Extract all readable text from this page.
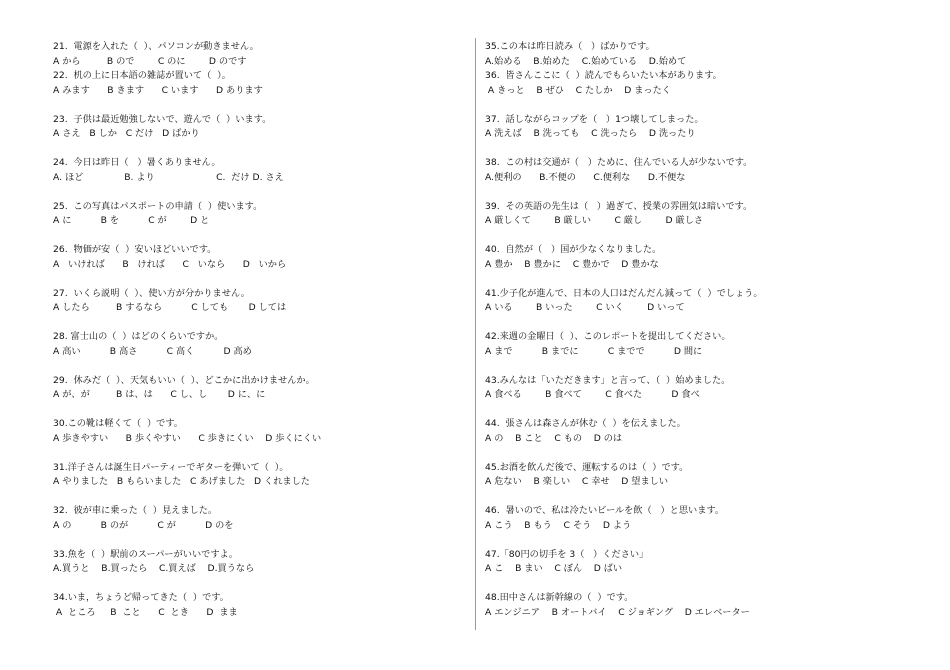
21.  電源を入れた（  ）、パソコンが動きません。
A から         B ので        C のに        D のです
22.  机の上に日本語の雑誌が置いて（  ）。
A みます      B きます      C います      D あります
23.  子供は最近勉強しないで、遊んで（  ）います。
A さえ   B しか   C だけ   D ばかり
24.  今日は昨日（   ）暑くありません。
A. ほど              B. より                     C.  だけ D. さえ
25.  この写真はパスポートの申請（  ）使います。
A に          B を          C が        D と
26.  物価が安（  ）安いほどいいです。
A   いければ      B   ければ      C   いなら      D   いから
27.  いくら説明（  ）、使い方が分かりません。
A したら         B するなら          C しても       D しては
28. 富士山の（  ）はどのくらいですか。
A 高い          B 高さ          C 高く          D 高め
29.  休みだ（  ）、天気もいい（  ）、どこかに出かけませんか。
A が、が         B は、は      C し、し       D に、に
30.この靴は軽くて（  ）です。
A 歩きやすい      B 歩くやすい      C 歩きにくい    D 歩くにくい
31.洋子さんは誕生日パーティーでギターを弾いて（  ）。
A やりました   B もらいました   C あげました   D くれました
32.  彼が車に乗った（  ）見えました。
A の          B のが          C が          D のを
33.魚を（  ）駅前のスーパーがいいですよ。
A.買うと    B.買ったら    C.買えば    D.買うなら
34.いま，ちょうど帰ってきた（  ）です。
A  ところ     B  こと      C  とき      D  まま
35.この本は昨日読み（   ）ばかりです。
A.始める    B.始めた    C.始めている    D.始めて
36.  皆さんここに（  ）読んでもらいたい本があります。
A きっと    B ぜひ    C たしか    D まったく
37.  話しながらコップを（   ）1つ壊してしまった。
A 洗えば    B 洗っても    C 洗ったら    D 洗ったり
38.  この村は交通が（   ）ために、住んでいる人が少ないです。
A.便利の      B.不便の      C.便利な      D.不便な
39.  その英語の先生は（   ）過ぎて、授業の雰囲気は暗いです。
A 厳しくて        B 厳しい        C 厳し        D 厳しさ
40.  自然が（   ）国が少なくなりました。
A 豊か    B 豊かに    C 豊かで    D 豊かな
41.少子化が進んで、日本の人口はだんだん減って（  ）でしょう。
A いる        B いった        C いく        D いって
42.来週の金曜日（  ）、このレポートを提出してください。
A まで          B までに          C までで          D 間に
43.みんなは「いただきます」と言って、（  ）始めました。
A 食べる        B 食べて        C 食べた          D 食べ
44.  張さんは森さんが休む（  ）を伝えました。
A の    B こと    C もの    D のは
45.お酒を飲んだ後で、運転するのは（  ）です。
A 危ない    B 楽しい    C 幸せ    D 望ましい
46.  暑いので、私は冷たいビールを飲（   ）と思います。
A こう    B もう    C そう    D よう
47.「80円の切手を 3（   ）ください」
A こ    B まい    C ぼん    D ばい
48.田中さんは新幹線の（  ）です。
A エンジニア    B オートバイ    C ジョギング    D エレベーター
